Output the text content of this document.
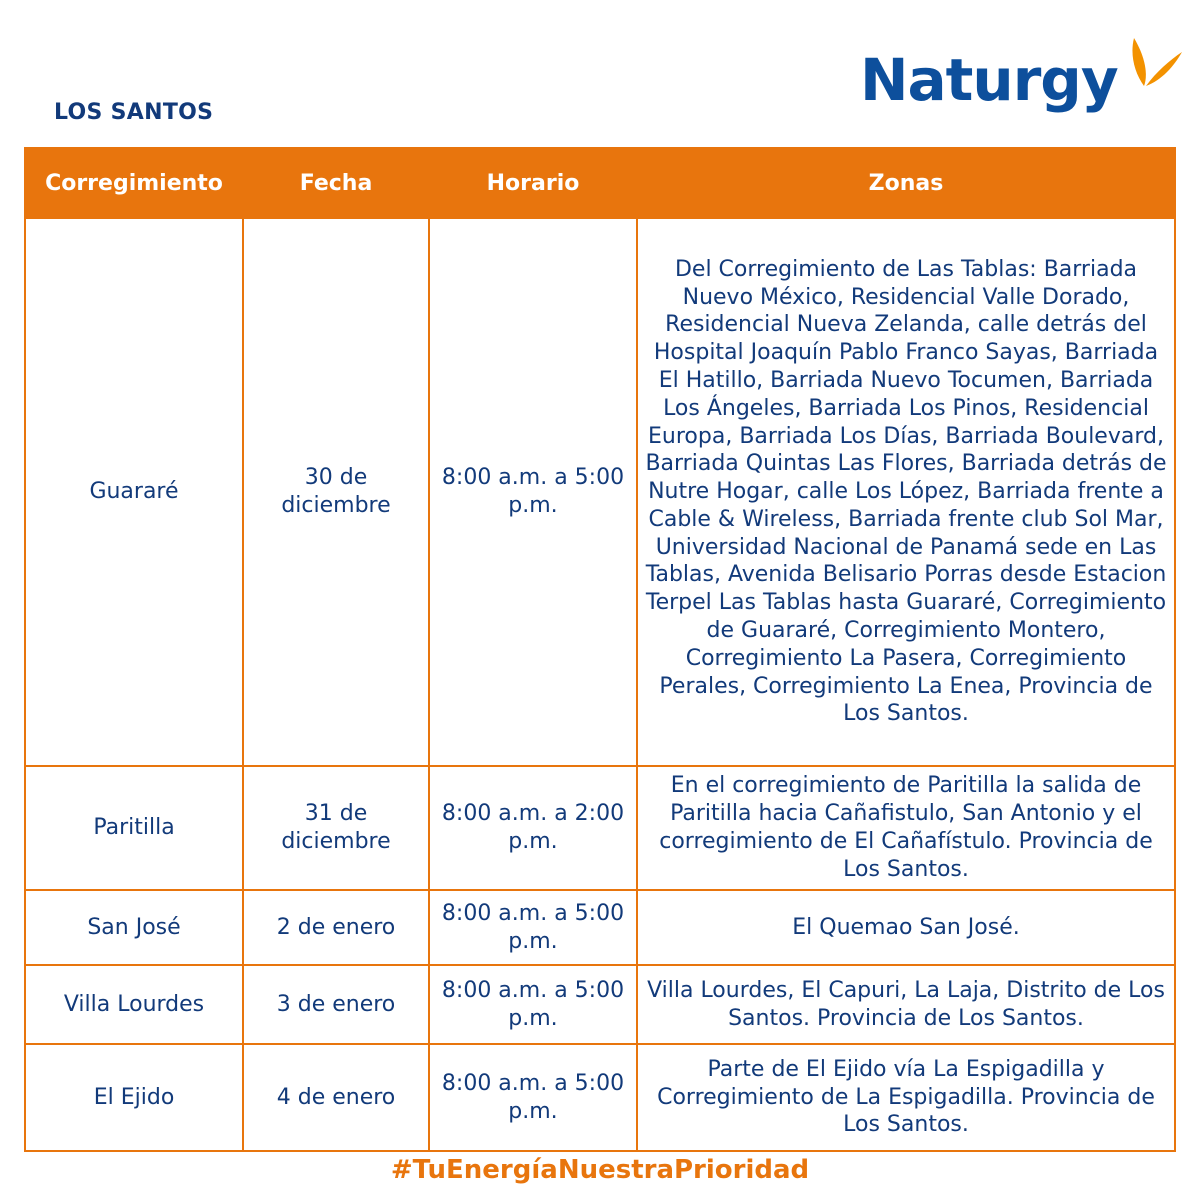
LOS SANTOS	Naturgy
Corregimiento	Fecha	Horario	Zonas
Guararé	30 de diciembre	8:00 a.m. a 5:00 p.m.	Del Corregimiento de Las Tablas: Barriada Nuevo México, Residencial Valle Dorado, Residencial Nueva Zelanda, calle detrás del Hospital Joaquín Pablo Franco Sayas, Barriada El Hatillo, Barriada Nuevo Tocumen, Barriada Los Ángeles, Barriada Los Pinos, Residencial Europa, Barriada Los Días, Barriada Boulevard, Barriada Quintas Las Flores, Barriada detrás de Nutre Hogar, calle Los López, Barriada frente a Cable & Wireless, Barriada frente club Sol Mar, Universidad Nacional de Panamá sede en Las Tablas, Avenida Belisario Porras desde Estacion Terpel Las Tablas hasta Guararé, Corregimiento de Guararé, Corregimiento Montero, Corregimiento La Pasera, Corregimiento Perales, Corregimiento La Enea, Provincia de Los Santos.
Paritilla	31 de diciembre	8:00 a.m. a 2:00 p.m.	En el corregimiento de Paritilla la salida de Paritilla hacia Cañafistulo, San Antonio y el corregimiento de El Cañafístulo. Provincia de Los Santos.
San José	2 de enero	8:00 a.m. a 5:00 p.m.	El Quemao San José.
Villa Lourdes	3 de enero	8:00 a.m. a 5:00 p.m.	Villa Lourdes, El Capuri, La Laja, Distrito de Los Santos. Provincia de Los Santos.
El Ejido	4 de enero	8:00 a.m. a 5:00 p.m.	Parte de El Ejido vía La Espigadilla y Corregimiento de La Espigadilla. Provincia de Los Santos.
#TuEnergíaNuestraPrioridad
